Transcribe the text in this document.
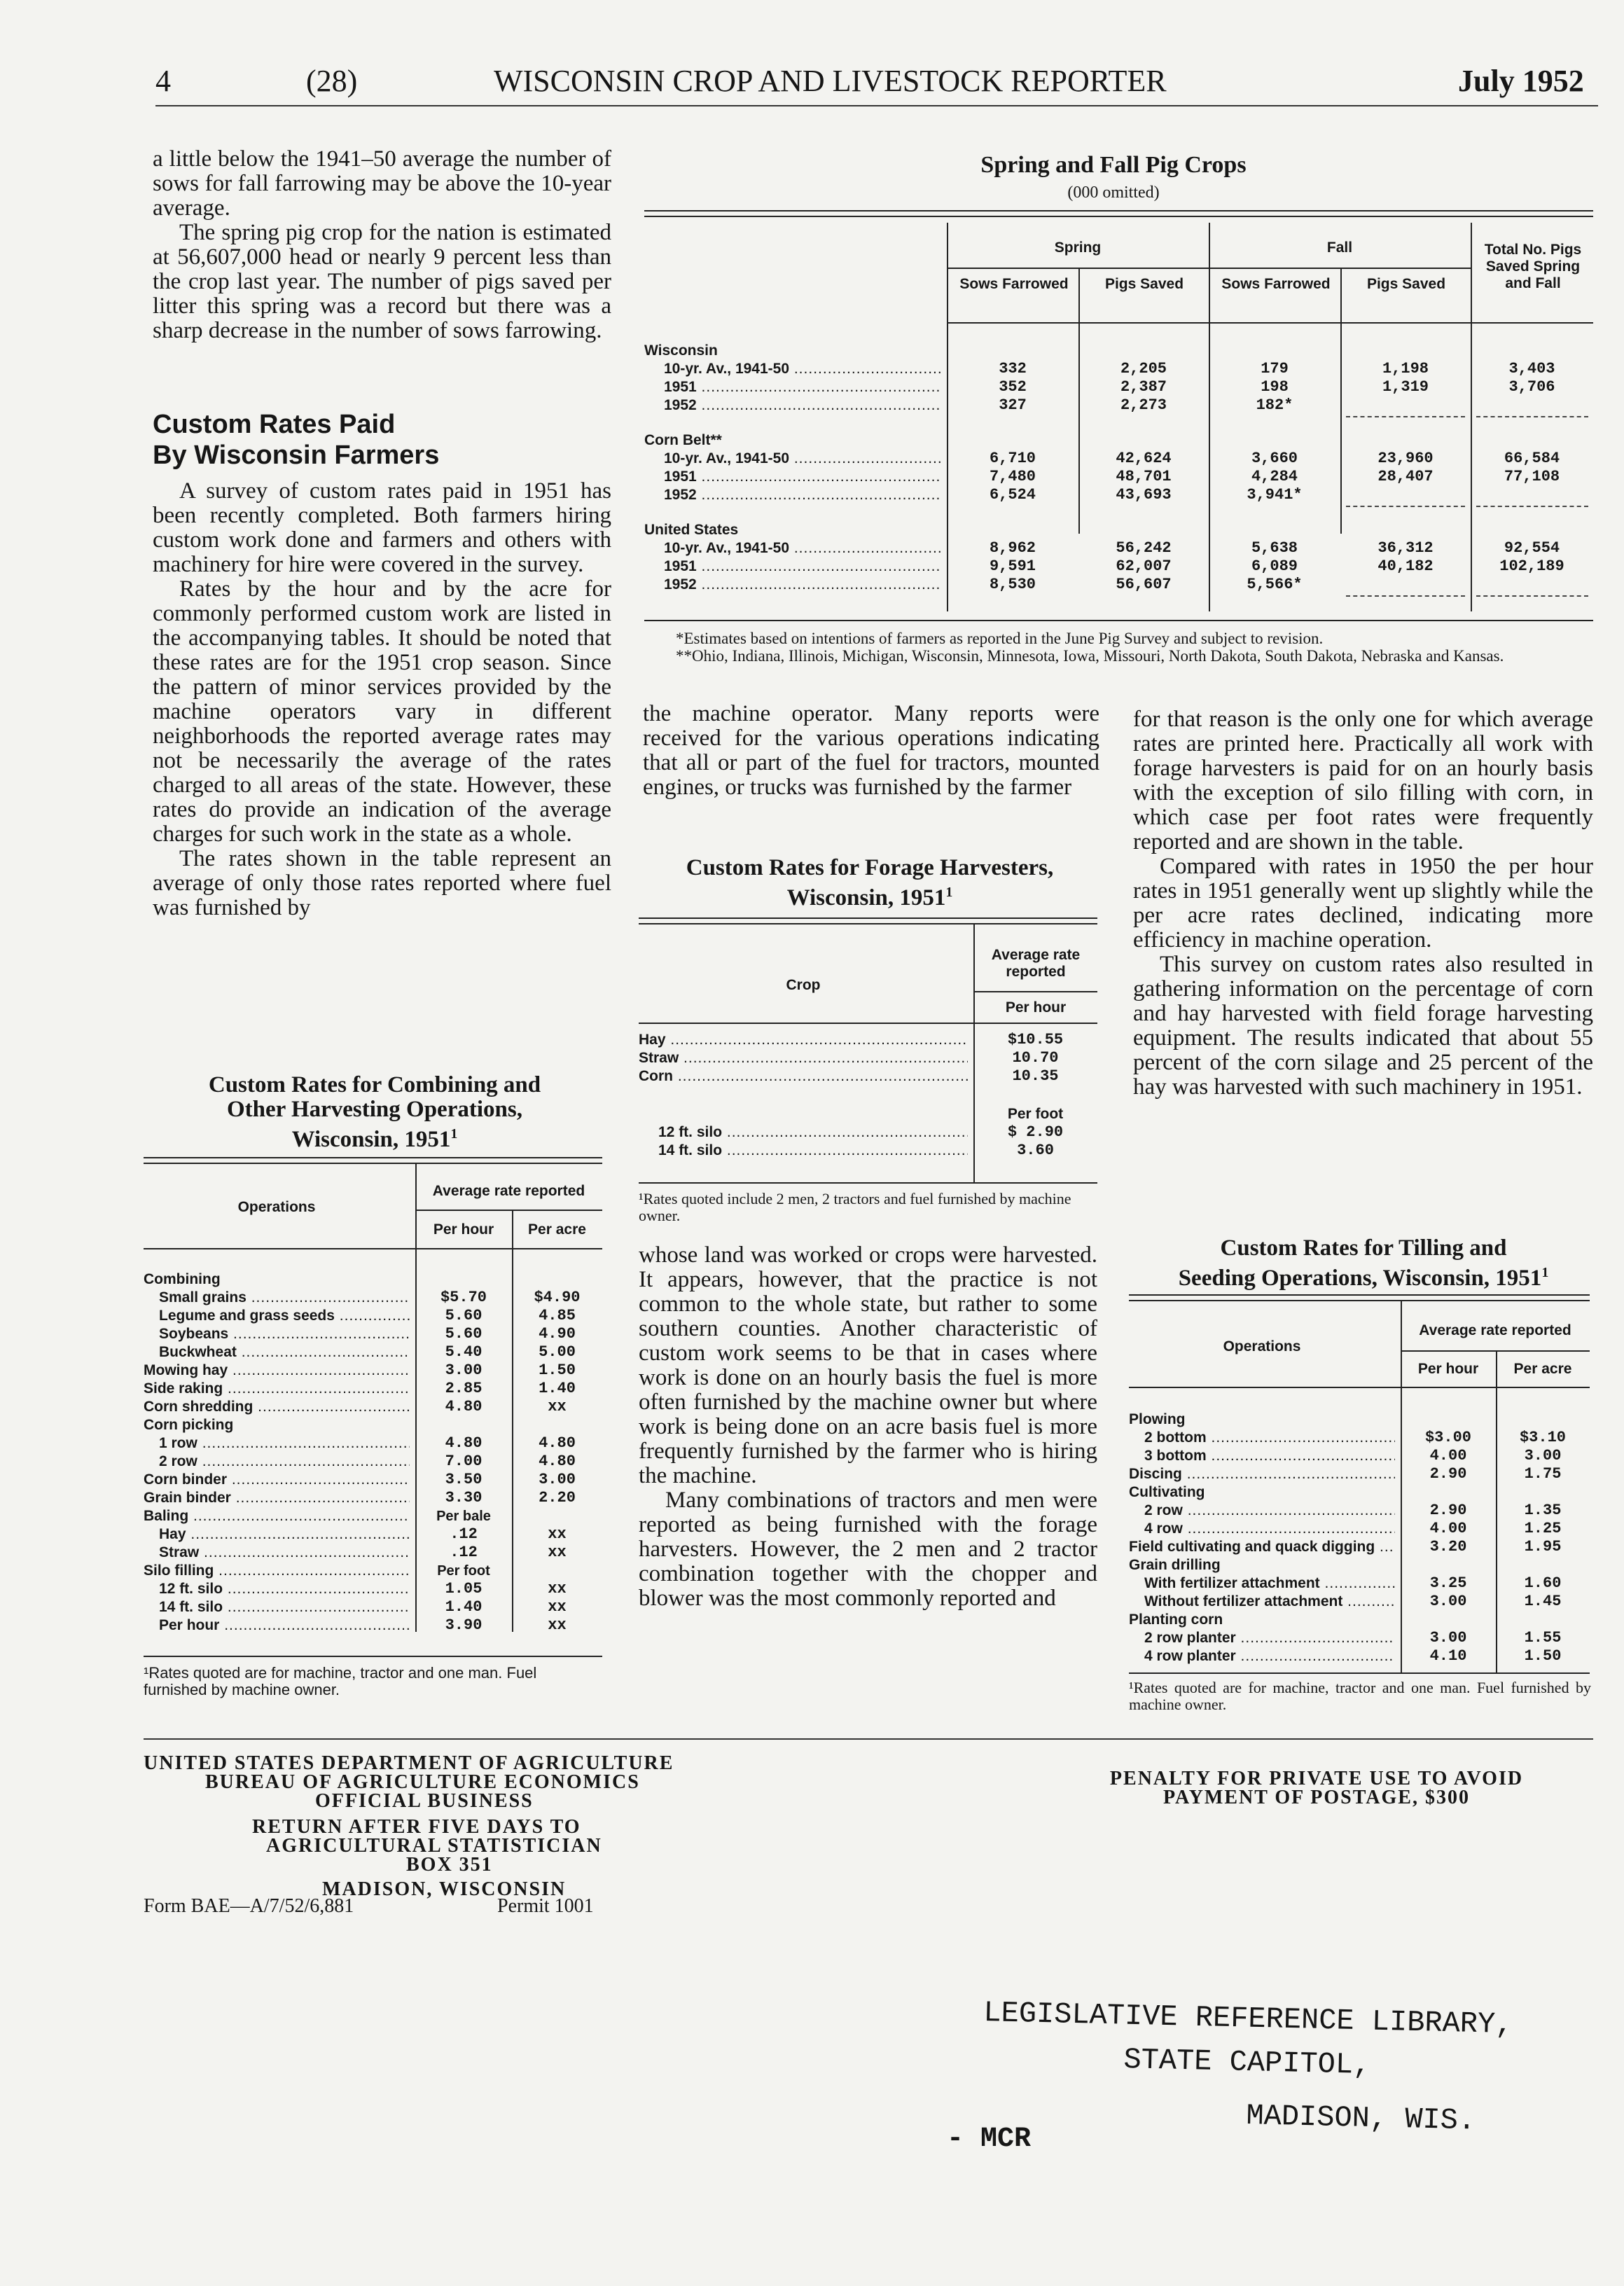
4	(28)	WISCONSIN CROP AND LIVESTOCK REPORTER	July 1952

a little below the 1941–50 average the number of sows for fall farrowing may be above the 10-year average.

The spring pig crop for the nation is estimated at 56,607,000 head or nearly 9 percent less than the crop last year. The number of pigs saved per litter this spring was a record but there was a sharp decrease in the number of sows farrowing.

Custom Rates Paid
By Wisconsin Farmers

A survey of custom rates paid in 1951 has been recently completed. Both farmers hiring custom work done and farmers and others with machinery for hire were covered in the survey.

Rates by the hour and by the acre for commonly performed custom work are listed in the accompanying tables. It should be noted that these rates are for the 1951 crop season. Since the pattern of minor services provided by the machine operators vary in different neighborhoods the reported average rates may not be necessarily the average of the rates charged to all areas of the state. However, these rates do provide an indication of the average charges for such work in the state as a whole.

The rates shown in the table represent an average of only those rates reported where fuel was furnished by

Custom Rates for Combining and
Other Harvesting Operations,
Wisconsin, 1951$^1$
Operations
Average rate reported
Per hour	Per acre
Combining
Small grains .....	$5.70	$4.90
Legume and grass seeds .....	5.60	4.85
Soybeans .....	5.60	4.90
Buckwheat .....	5.40	5.00
Mowing hay .....	3.00	1.50
Side raking .....	2.85	1.40
Corn shredding .....	4.80	xx
Corn picking
1 row .....	4.80	4.80
2 row .....	7.00	4.80
Corn binder .....	3.50	3.00
Grain binder .....	3.30	2.20
Baling .....	Per bale
Hay .....	.12	xx
Straw .....	.12	xx
Silo filling .....	Per foot
12 ft. silo .....	1.05	xx
14 ft. silo .....	1.40	xx
Per hour .....	3.90	xx
¹Rates quoted are for machine, tractor and one man. Fuel furnished by machine owner.
Spring and Fall Pig Crops
(000 omitted)
Spring	Fall	Total No. Pigs Saved Spring and Fall
Sows Farrowed	Pigs Saved	Sows Farrowed	Pigs Saved
Wisconsin
10-yr. Av., 1941-50 .....	332	2,205	179	1,198	3,403
1951 .....	352	2,387	198	1,319	3,706
1952 .....	327	2,273	182*
Corn Belt**
10-yr. Av., 1941-50 .....	6,710	42,624	3,660	23,960	66,584
1951 .....	7,480	48,701	4,284	28,407	77,108
1952 .....	6,524	43,693	3,941*
United States
10-yr. Av., 1941-50 .....	8,962	56,242	5,638	36,312	92,554
1951 .....	9,591	62,007	6,089	40,182	102,189
1952 .....	8,530	56,607	5,566*
*Estimates based on intentions of farmers as reported in the June Pig Survey and subject to revision.
**Ohio, Indiana, Illinois, Michigan, Wisconsin, Minnesota, Iowa, Missouri, North Dakota, South Dakota, Nebraska and Kansas.

the machine operator. Many reports were received for the various operations indicating that all or part of the fuel for tractors, mounted engines, or trucks was furnished by the farmer

Custom Rates for Forage Harvesters,
Wisconsin, 1951$^1$
Crop
Average rate reported
Per hour
Hay .....	$10.55
Straw .....	10.70
Corn .....	10.35
Per foot
12 ft. silo .....	$ 2.90
14 ft. silo .....	3.60
¹Rates quoted include 2 men, 2 tractors and fuel furnished by machine owner.

whose land was worked or crops were harvested. It appears, however, that the practice is not common to the whole state, but rather to some southern counties. Another characteristic of custom work seems to be that in cases where work is done on an hourly basis the fuel is more often furnished by the machine owner but where work is being done on an acre basis fuel is more frequently furnished by the farmer who is hiring the machine.

Many combinations of tractors and men were reported as being furnished with the forage harvesters. However, the 2 men and 2 tractor combination together with the chopper and blower was the most commonly reported and

for that reason is the only one for which average rates are printed here. Practically all work with forage harvesters is paid for on an hourly basis with the exception of silo filling with corn, in which case per foot rates were frequently reported and are shown in the table.

Compared with rates in 1950 the per hour rates in 1951 generally went up slightly while the per acre rates declined, indicating more efficiency in machine operation.

This survey on custom rates also resulted in gathering information on the percentage of corn and hay harvested with field forage harvesting equipment. The results indicated that about 55 percent of the corn silage and 25 percent of the hay was harvested with such machinery in 1951.

Custom Rates for Tilling and
Seeding Operations, Wisconsin, 1951$^1$
Operations
Average rate reported
Per hour	Per acre
Plowing
2 bottom .....	$3.00	$3.10
3 bottom .....	4.00	3.00
Discing .....	2.90	1.75
Cultivating
2 row .....	2.90	1.35
4 row .....	4.00	1.25
Field cultivating and quack digging .....	3.20	1.95
Grain drilling
With fertilizer attachment .....	3.25	1.60
Without fertilizer attachment .....	3.00	1.45
Planting corn
2 row planter .....	3.00	1.55
4 row planter .....	4.10	1.50
¹Rates quoted are for machine, tractor and one man. Fuel furnished by machine owner.
UNITED STATES DEPARTMENT OF AGRICULTURE
BUREAU OF AGRICULTURE ECONOMICS
OFFICIAL BUSINESS
RETURN AFTER FIVE DAYS TO
AGRICULTURAL STATISTICIAN
BOX 351
MADISON, WISCONSIN
Form BAE—A/7/52/6,881	Permit 1001
PENALTY FOR PRIVATE USE TO AVOID
PAYMENT OF POSTAGE, $300
LEGISLATIVE REFERENCE LIBRARY,
STATE CAPITOL,
MADISON, WIS.
- MCR
